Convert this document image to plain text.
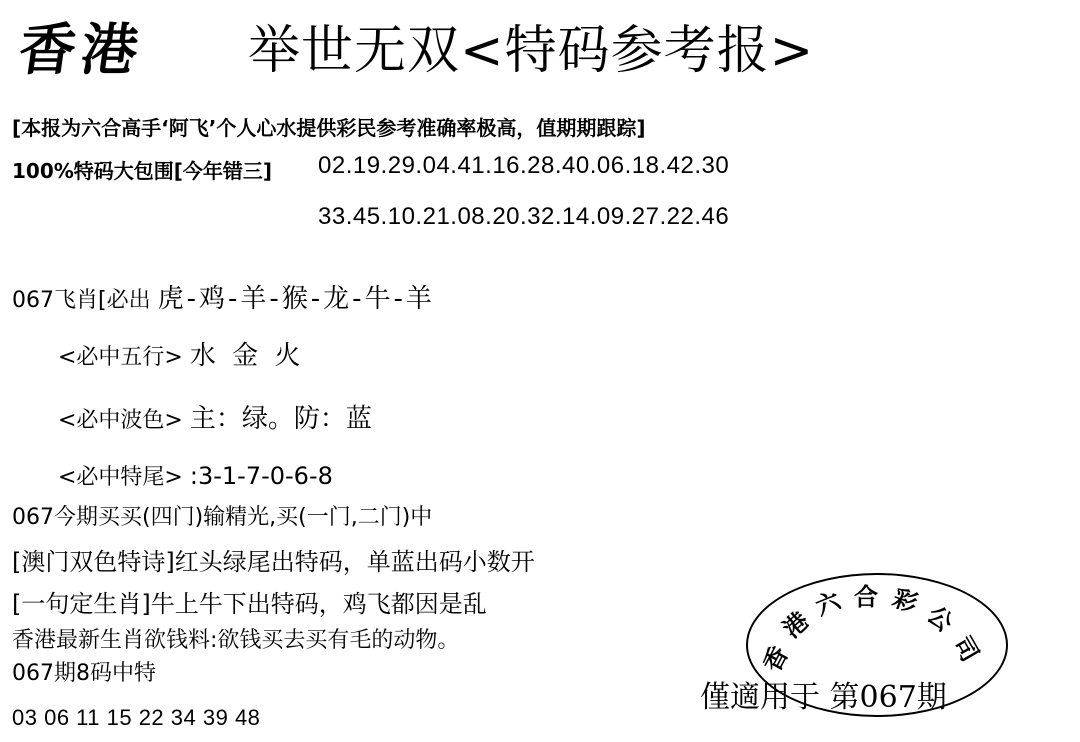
香港 举世无双<特码参考报>
[本报为六合高手‘阿飞’个人心水提供彩民参考准确率极高，值期期跟踪]
100%特码大包围[今年错三] 02.19.29.04.41.16.28.40.06.18.42.30
33.45.10.21.08.20.32.14.09.27.22.46
067飞肖[必出 虎-鸡-羊-猴-龙-牛-羊
<必中五行> 水 金 火
<必中波色> 主：绿。防：蓝
<必中特尾> :3-1-7-0-6-8
067今期买买(四门)输精光,买(一门,二门)中
[澳门双色特诗]红头绿尾出特码，单蓝出码小数开
[一句定生肖]牛上牛下出特码，鸡飞都因是乱
香港最新生肖欲钱料:欲钱买去买有毛的动物。
067期8码中特
03 06 11 15 22 34 39 48
香
港
六 合 彩 公
司
僅適用于 第067期
